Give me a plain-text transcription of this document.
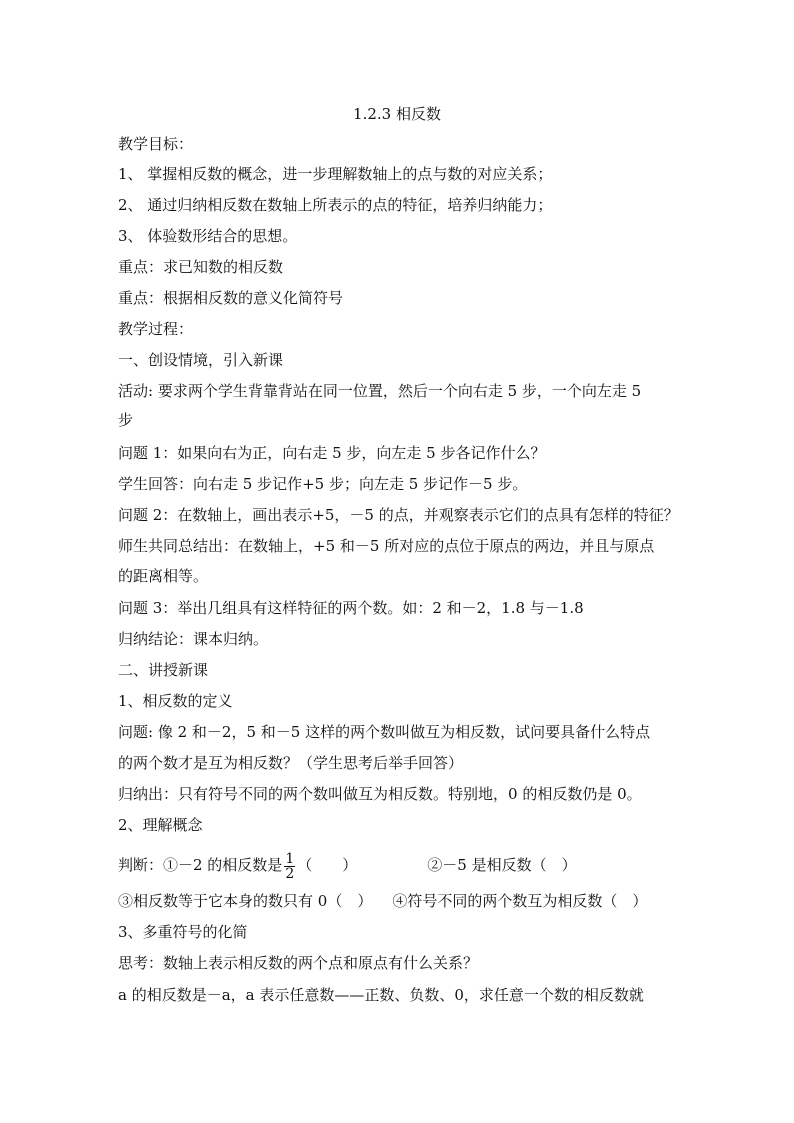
1.2.3 相反数
教学目标：
1、 掌握相反数的概念，进一步理解数轴上的点与数的对应关系；
2、 通过归纳相反数在数轴上所表示的点的特征，培养归纳能力；
3、 体验数形结合的思想。
重点：求已知数的相反数
重点：根据相反数的意义化简符号
教学过程：
一、创设情境，引入新课
活动: 要求两个学生背靠背站在同一位置，然后一个向右走 5 步，一个向左走 5
步
问题 1：如果向右为正，向右走 5 步，向左走 5 步各记作什么？
学生回答：向右走 5 步记作+5 步；向左走 5 步记作－5 步。
问题 2：在数轴上，画出表示+5，－5 的点，并观察表示它们的点具有怎样的特征？
师生共同总结出：在数轴上，+5 和－5 所对应的点位于原点的两边，并且与原点
的距离相等。
问题 3：举出几组具有这样特征的两个数。如：2 和－2，1.8 与－1.8
归纳结论：课本归纳。
二、讲授新课
1、相反数的定义
问题: 像 2 和－2，5 和－5 这样的两个数叫做互为相反数，试问要具备什么特点
的两个数才是互为相反数？（学生思考后举手回答）
归纳出：只有符号不同的两个数叫做互为相反数。特别地，0 的相反数仍是 0。
2、理解概念
判断：①－2 的相反数是 $\frac{1}{2}$ （　　）	②－5 是相反数（　）
③相反数等于它本身的数只有 0（　） ④符号不同的两个数互为相反数（　）
3、多重符号的化简
思考：数轴上表示相反数的两个点和原点有什么关系？
a 的相反数是－a，a 表示任意数——正数、负数、0，求任意一个数的相反数就
